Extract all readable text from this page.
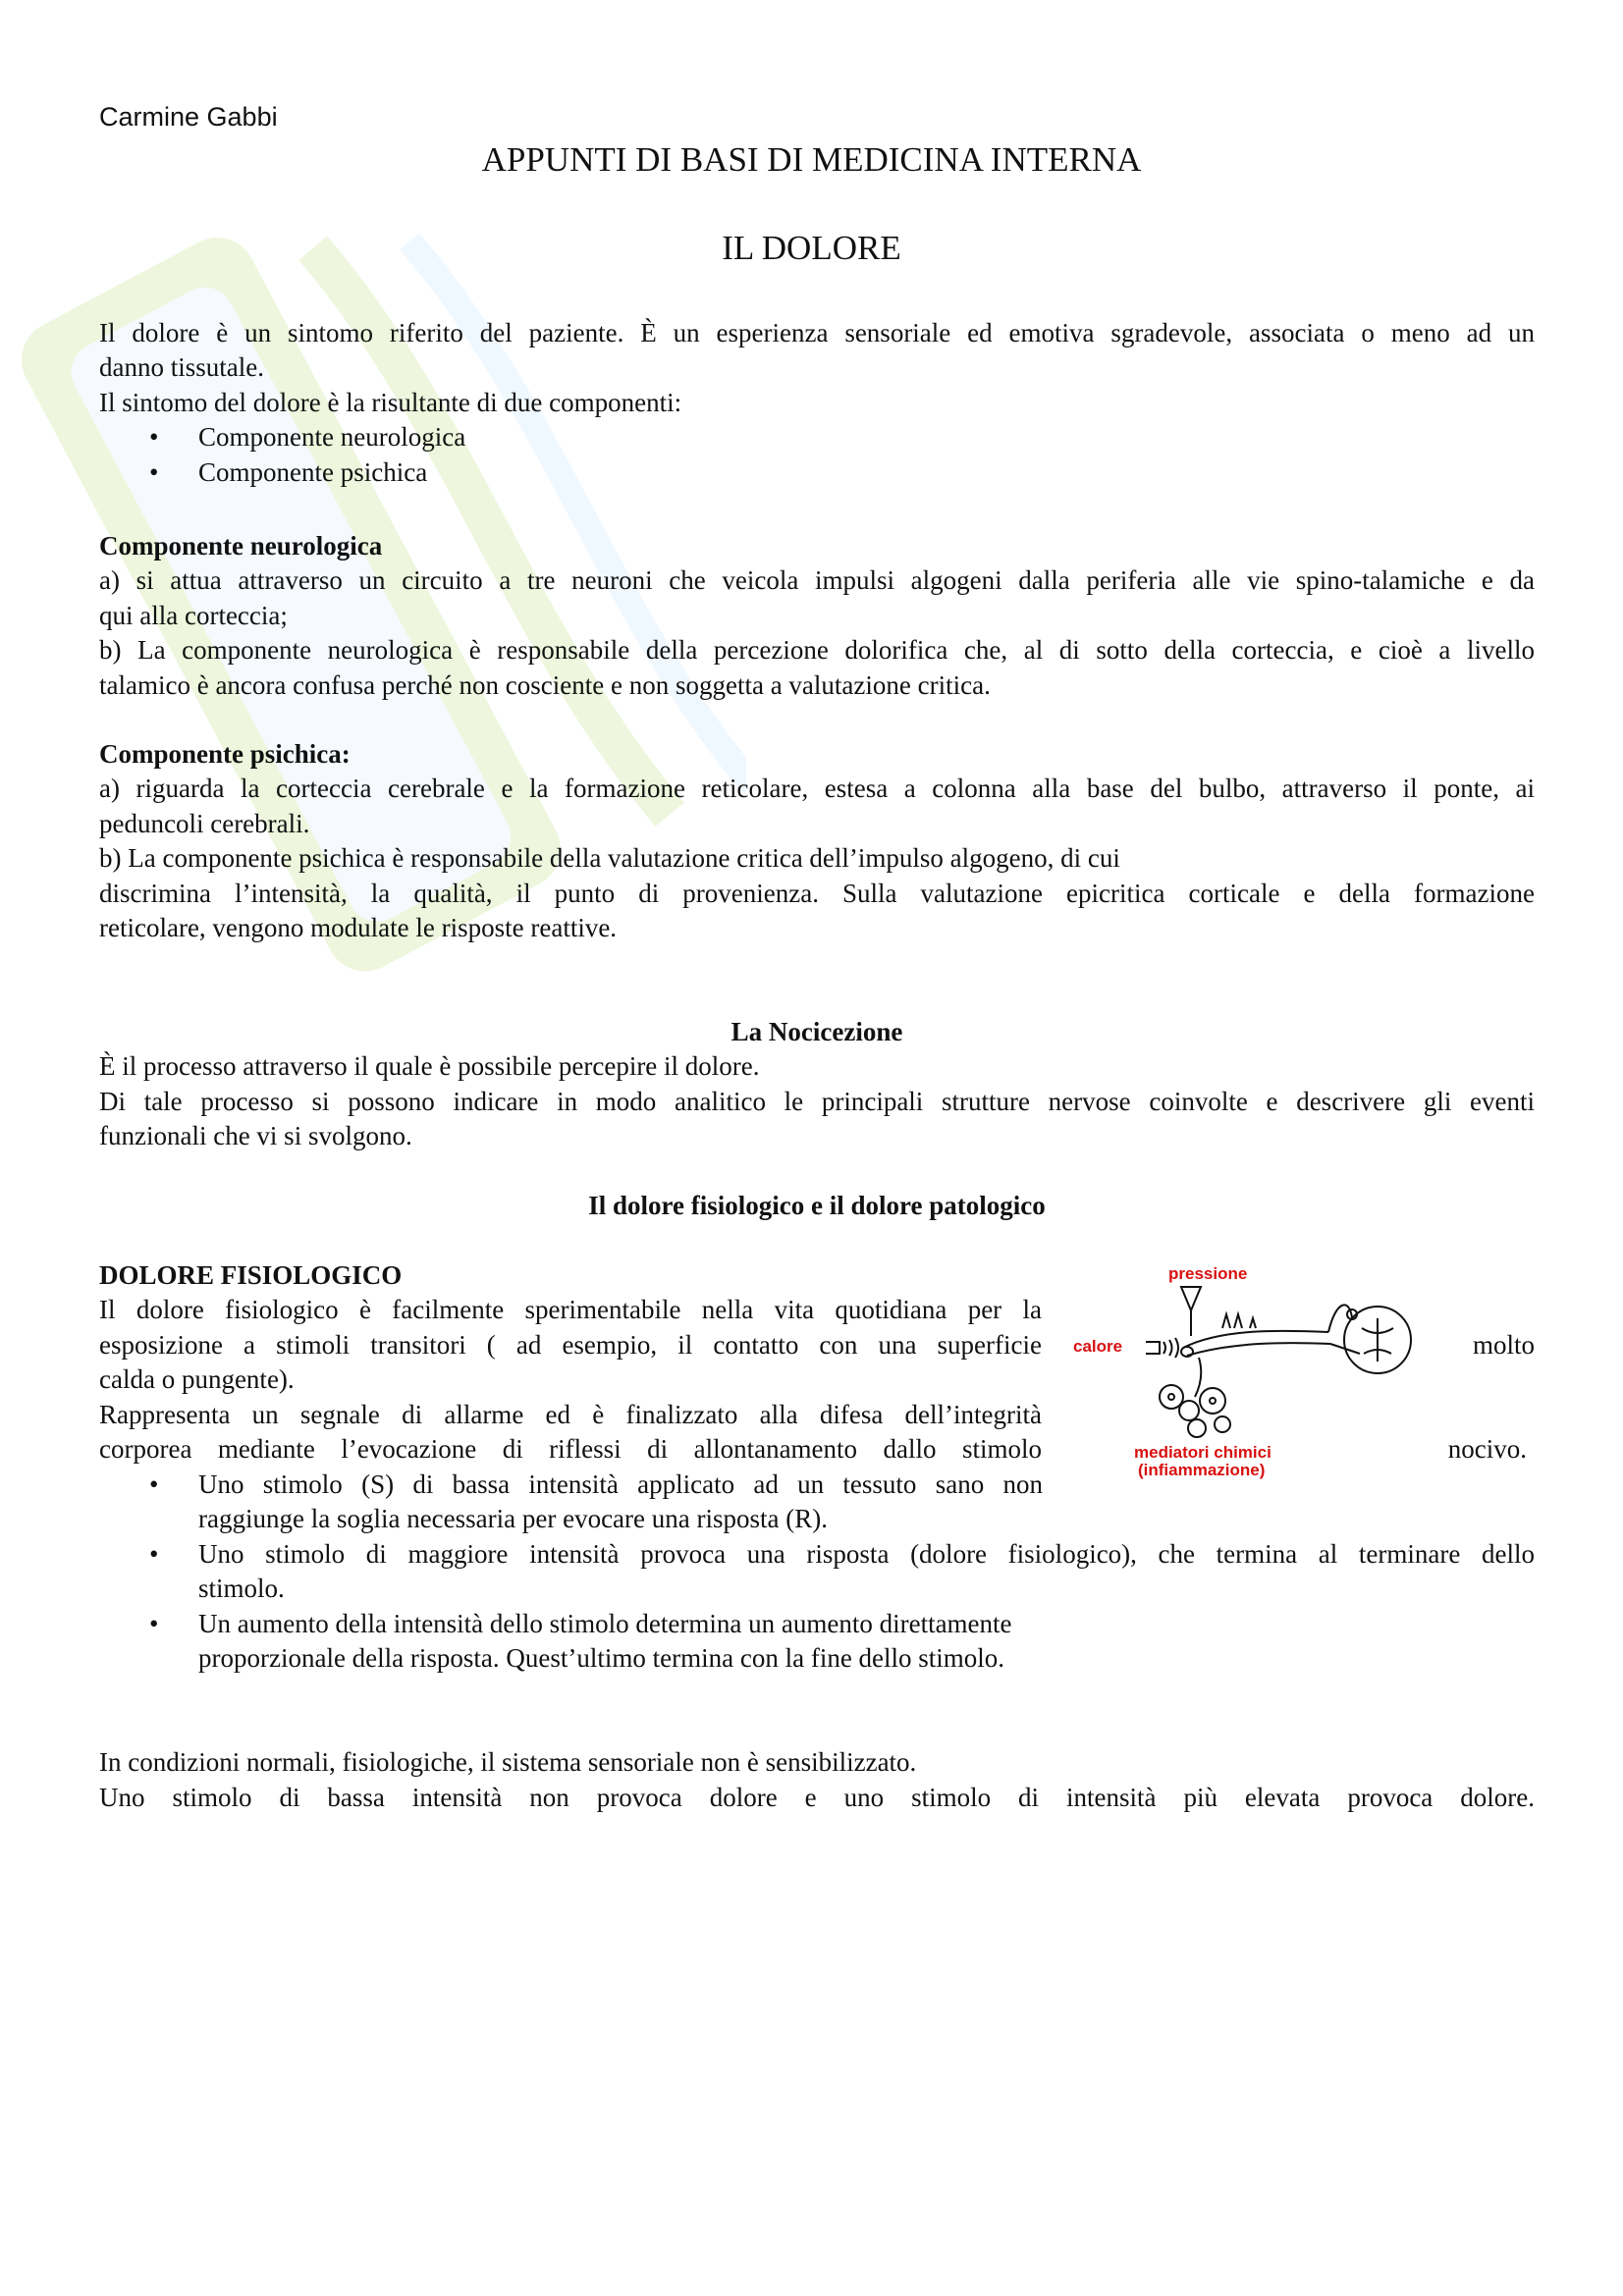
Carmine Gabbi
APPUNTI DI BASI DI MEDICINA INTERNA
IL DOLORE
Il dolore è un sintomo riferito del paziente. È un esperienza sensoriale ed emotiva sgradevole, associata o meno ad un
danno tissutale.
Il sintomo del dolore è la risultante di due componenti:
• Componente neurologica
• Componente psichica
Componente neurologica
a) si attua attraverso un circuito a tre neuroni che veicola impulsi algogeni dalla periferia alle vie spino-talamiche e da
qui alla corteccia;
b) La componente neurologica è responsabile della percezione dolorifica che, al di sotto della corteccia, e cioè a livello
talamico è ancora confusa perché non cosciente e non soggetta a valutazione critica.
Componente psichica:
a) riguarda la corteccia cerebrale e la formazione reticolare, estesa a colonna alla base del bulbo, attraverso il ponte, ai
peduncoli cerebrali.
b) La componente psichica è responsabile della valutazione critica dell’impulso algogeno, di cui
discrimina l’intensità, la qualità, il punto di provenienza. Sulla valutazione epicritica corticale e della formazione
reticolare, vengono modulate le risposte reattive.
La Nocicezione
È il processo attraverso il quale è possibile percepire il dolore.
Di tale processo si possono indicare in modo analitico le principali strutture nervose coinvolte e descrivere gli eventi
funzionali che vi si svolgono.
Il dolore fisiologico e il dolore patologico
DOLORE FISIOLOGICO
Il dolore fisiologico è facilmente sperimentabile nella vita quotidiana per la
esposizione a stimoli transitori ( ad esempio, il contatto con una superficie	molto
calda o pungente).
Rappresenta un segnale di allarme ed è finalizzato alla difesa dell’integrità
corporea mediante l’evocazione di riflessi di allontanamento dallo stimolo	nocivo.
• Uno stimolo (S) di bassa intensità applicato ad un tessuto sano non
raggiunge la soglia necessaria per evocare una risposta (R).
• Uno stimolo di maggiore intensità provoca una risposta (dolore fisiologico), che termina al terminare dello
stimolo.
• Un aumento della intensità dello stimolo determina un aumento direttamente
proporzionale della risposta. Quest’ultimo termina con la fine dello stimolo.
pressione
calore
mediatori chimici
(infiammazione)
In condizioni normali, fisiologiche, il sistema sensoriale non è sensibilizzato.
Uno stimolo di bassa intensità non provoca dolore e uno stimolo di intensità più elevata provoca dolore.
